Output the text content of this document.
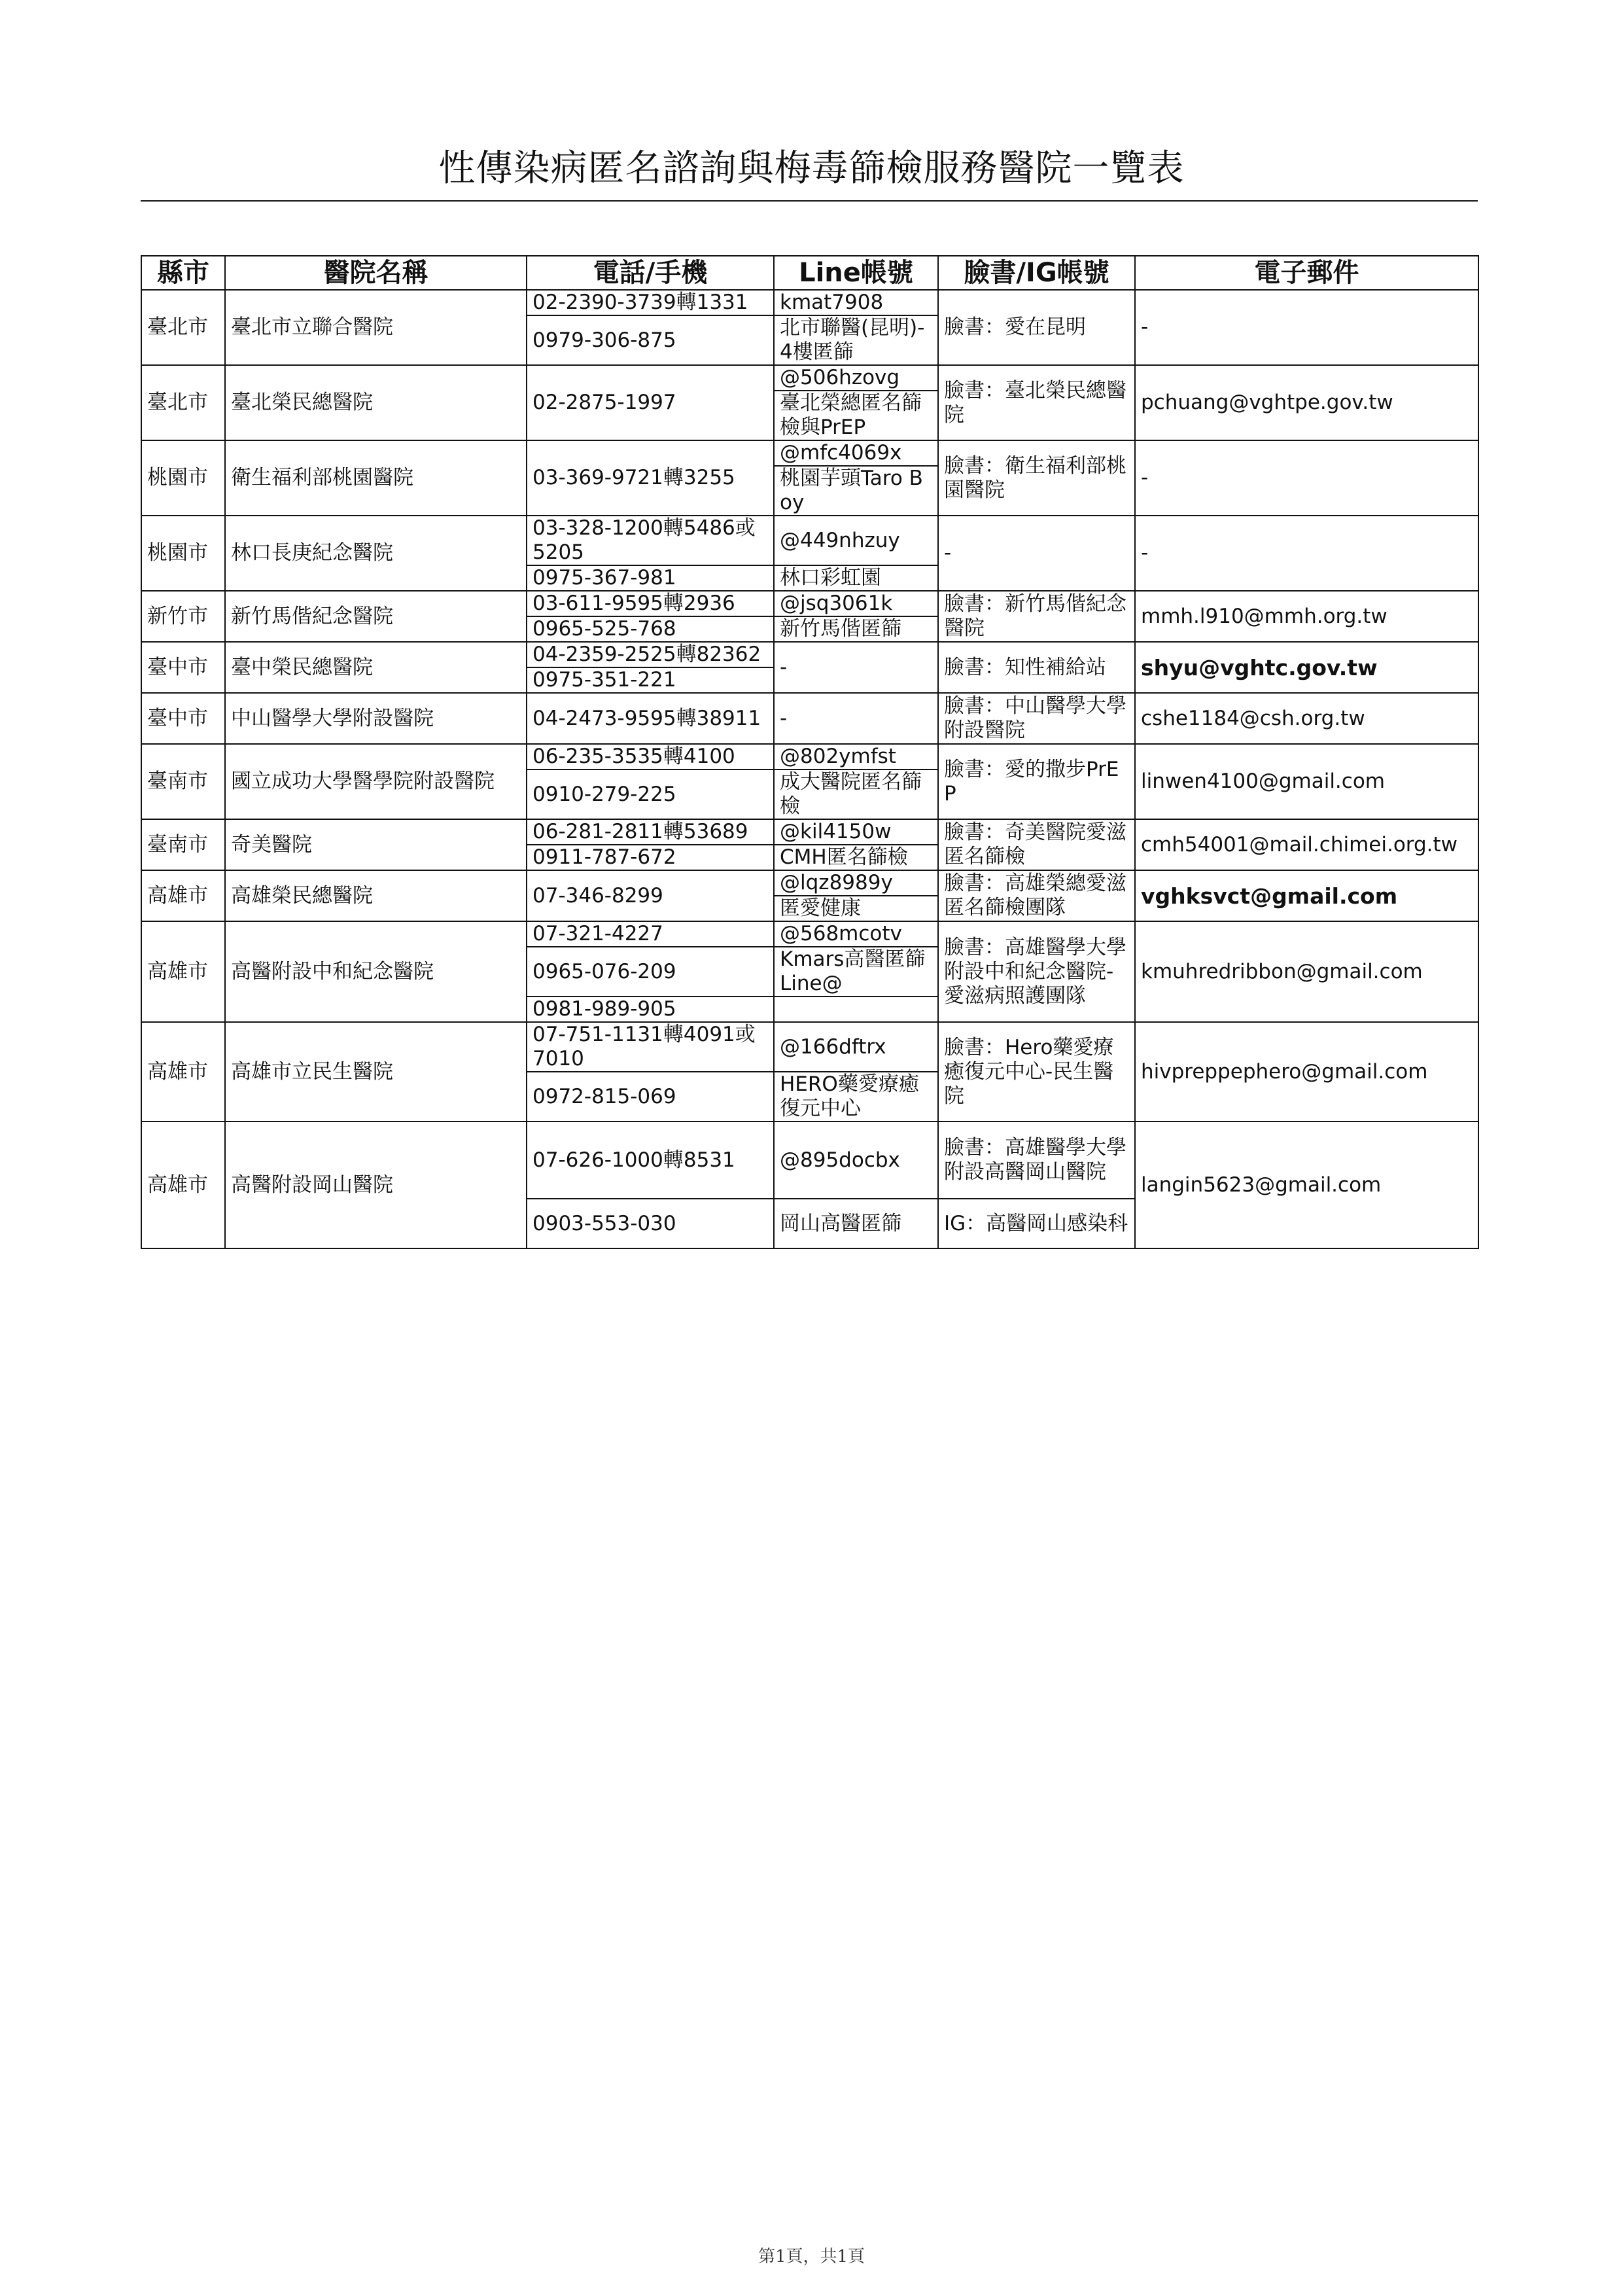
性傳染病匿名諮詢與梅毒篩檢服務醫院一覽表
縣市	醫院名稱	電話/手機	Line帳號	臉書/IG帳號	電子郵件
臺北市	臺北市立聯合醫院	02-2390-3739轉1331	kmat7908	臉書：愛在昆明	-
		0979-306-875	北市聯醫(昆明)-4樓匿篩		
臺北市	臺北榮民總醫院	02-2875-1997	@506hzovg	臉書：臺北榮民總醫院	pchuang@vghtpe.gov.tw
			臺北榮總匿名篩檢與PrEP		
桃園市	衛生福利部桃園醫院	03-369-9721轉3255	@mfc4069x	臉書：衛生福利部桃園醫院	-
			桃園芋頭Taro Boy		
桃園市	林口長庚紀念醫院	03-328-1200轉5486或5205	@449nhzuy	-	-
		0975-367-981	林口彩虹園		
新竹市	新竹馬偕紀念醫院	03-611-9595轉2936	@jsq3061k	臉書：新竹馬偕紀念醫院	mmh.l910@mmh.org.tw
		0965-525-768	新竹馬偕匿篩		
臺中市	臺中榮民總醫院	04-2359-2525轉82362	-	臉書：知性補給站	shyu@vghtc.gov.tw
		0975-351-221			
臺中市	中山醫學大學附設醫院	04-2473-9595轉38911	-	臉書：中山醫學大學附設醫院	cshe1184@csh.org.tw
臺南市	國立成功大學醫學院附設醫院	06-235-3535轉4100	@802ymfst	臉書：愛的撒步PrEP	linwen4100@gmail.com
		0910-279-225	成大醫院匿名篩檢		
臺南市	奇美醫院	06-281-2811轉53689	@kil4150w	臉書：奇美醫院愛滋匿名篩檢	cmh54001@mail.chimei.org.tw
		0911-787-672	CMH匿名篩檢		
高雄市	高雄榮民總醫院	07-346-8299	@lqz8989y	臉書：高雄榮總愛滋匿名篩檢團隊	vghksvct@gmail.com
			匿愛健康		
高雄市	高醫附設中和紀念醫院	07-321-4227	@568mcotv	臉書：高雄醫學大學附設中和紀念醫院-愛滋病照護團隊	kmuhredribbon@gmail.com
		0965-076-209	Kmars高醫匿篩Line@		
		0981-989-905			
高雄市	高雄市立民生醫院	07-751-1131轉4091或7010	@166dftrx	臉書：Hero藥愛療癒復元中心-民生醫院	hivpreppephero@gmail.com
		0972-815-069	HERO藥愛療癒復元中心		
高雄市	高醫附設岡山醫院	07-626-1000轉8531	@895docbx	臉書：高雄醫學大學附設高醫岡山醫院	langin5623@gmail.com
		0903-553-030	岡山高醫匿篩	IG：高醫岡山感染科	
第1頁，共1頁
